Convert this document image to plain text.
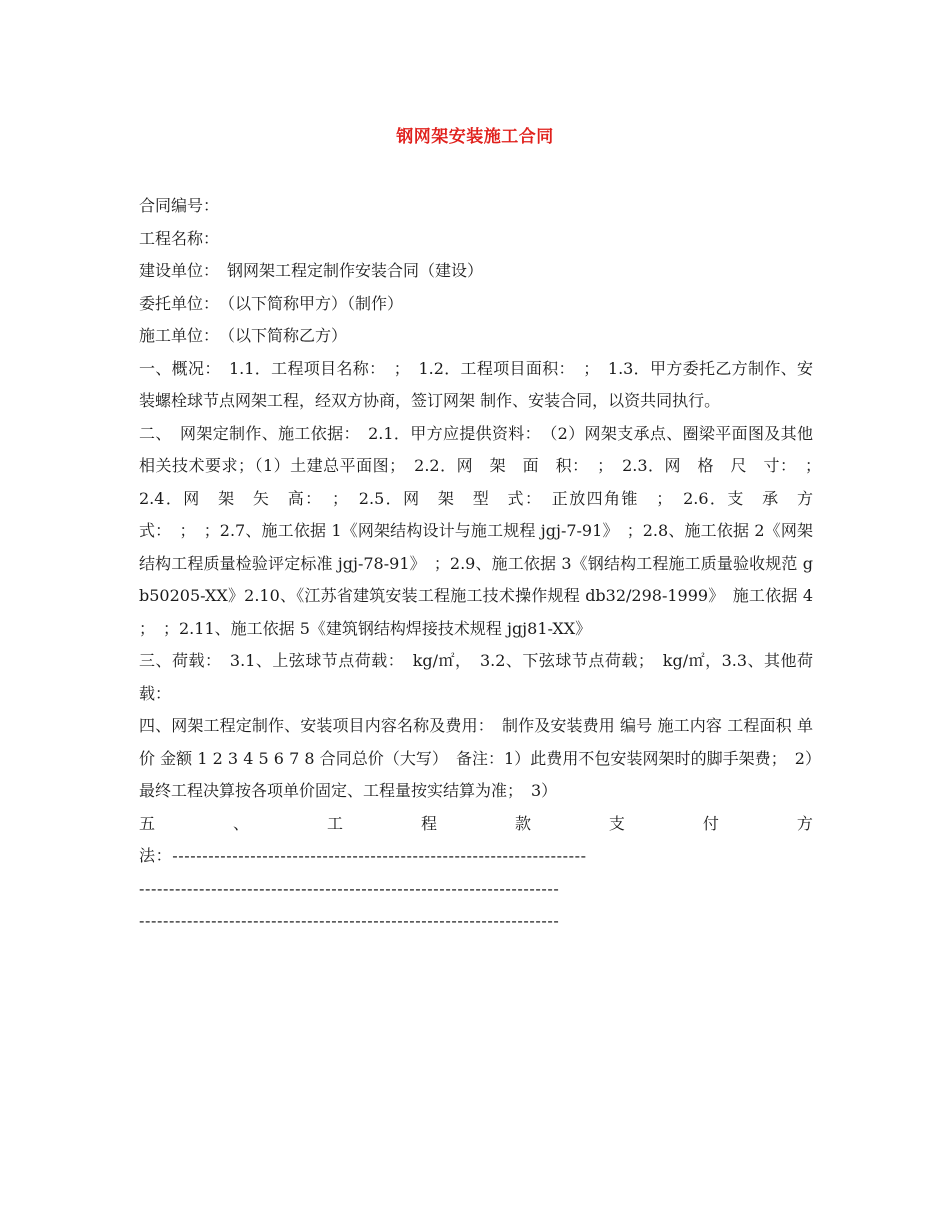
钢网架安装施工合同
合同编号：
工程名称：
建设单位：　钢网架工程定制作安装合同（建设）
委托单位：　（以下简称甲方）（制作）
施工单位：　（以下简称乙方）
一、概况：　1.1．工程项目名称：　；　1.2．工程项目面积：　；　1.3．甲方委托乙方制作、安装螺栓球节点网架工程，经双方协商，签订网架 制作、安装合同，以资共同执行。
二、　网架定制作、施工依据：　2.1．甲方应提供资料：　（2）网架支承点、圈梁平面图及其他相关技术要求；（1）土建总平面图；　2.2．网　架　面　积：　；　2.3．网　格　尺　寸：　；　2.4．网　架　矢　高：　；　2.5．网　架　型　式：　正放四角锥　；　2.6．支　承　方　式：　；　；2.7、施工依据 1《网架结构设计与施工规程 jgj-7-91》　；2.8、施工依据 2《网架结构工程质量检验评定标准 jgj-78-91》　；2.9、施工依据 3《钢结构工程施工质量验收规范 gb50205-XX》2.10、《江苏省建筑安装工程施工技术操作规程 db32/298-1999》　施工依据 4　；　；2.11、施工依据 5《建筑钢结构焊接技术规程 jgj81-XX》
三、荷载：　3.1、上弦球节点荷载：　kg/㎡，　3.2、下弦球节点荷载；　kg/㎡，3.3、其他荷载：
四、网架工程定制作、安装项目内容名称及费用：　制作及安装费用 编号 施工内容 工程面积 单价 金额 1 2 3 4 5 6 7 8 合同总价（大写）　备注：1）此费用不包安装网架时的脚手架费；　2）最终工程决算按各项单价固定、工程量按实结算为准；　3）
五	、	工	程	款	支	付	方
法：---------------------------------------------------------------------
----------------------------------------------------------------------
----------------------------------------------------------------------
